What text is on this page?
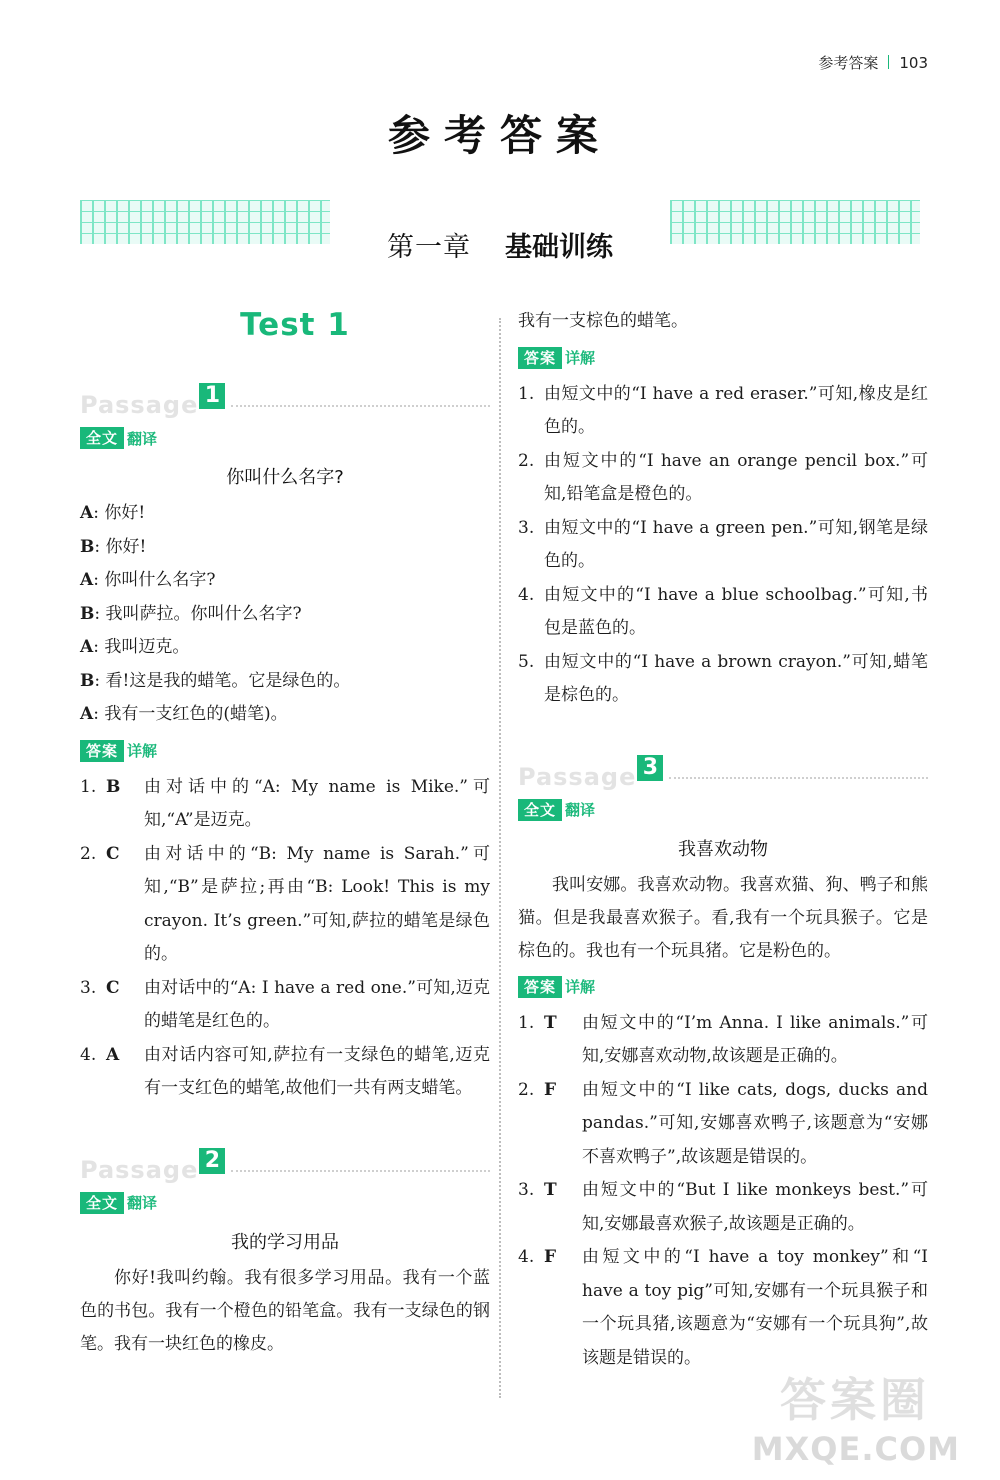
参考答案 103
参考答案
第一章 基础训练
Test 1
Passage 1
全文 翻译
你叫什么名字?
A: 你好!
B: 你好!
A: 你叫什么名字?
B: 我叫萨拉。你叫什么名字?
A: 我叫迈克。
B: 看!这是我的蜡笔。它是绿色的。
A: 我有一支红色的(蜡笔)。
答案 详解
1. B	由对话中的“A: My name is Mike.”可知,“A”是迈克。
2. C	由对话中的“B: My name is Sarah.”可知,“B”是萨拉;再由“B: Look! This is my crayon. It’s green.”可知,萨拉的蜡笔是绿色的。
3. C	由对话中的“A: I have a red one.”可知,迈克的蜡笔是红色的。
4. A	由对话内容可知,萨拉有一支绿色的蜡笔,迈克有一支红色的蜡笔,故他们一共有两支蜡笔。
Passage 2
全文 翻译
我的学习用品
你好!我叫约翰。我有很多学习用品。我有一个蓝色的书包。我有一个橙色的铅笔盒。我有一支绿色的钢笔。我有一块红色的橡皮。
我有一支棕色的蜡笔。
答案 详解
1. 由短文中的“I have a red eraser.”可知,橡皮是红色的。
2. 由短文中的“I have an orange pencil box.”可知,铅笔盒是橙色的。
3. 由短文中的“I have a green pen.”可知,钢笔是绿色的。
4. 由短文中的“I have a blue schoolbag.”可知,书包是蓝色的。
5. 由短文中的“I have a brown crayon.”可知,蜡笔是棕色的。
Passage 3
全文 翻译
我喜欢动物
我叫安娜。我喜欢动物。我喜欢猫、狗、鸭子和熊猫。但是我最喜欢猴子。看,我有一个玩具猴子。它是棕色的。我也有一个玩具猪。它是粉色的。
答案 详解
1. T	由短文中的“I’m Anna. I like animals.”可知,安娜喜欢动物,故该题是正确的。
2. F	由短文中的“I like cats, dogs, ducks and pandas.”可知,安娜喜欢鸭子,该题意为“安娜不喜欢鸭子”,故该题是错误的。
3. T	由短文中的“But I like monkeys best.”可知,安娜最喜欢猴子,故该题是正确的。
4. F	由短文中的“I have a toy monkey”和“I have a toy pig”可知,安娜有一个玩具猴子和一个玩具猪,该题意为“安娜有一个玩具狗”,故该题是错误的。
答案圈
MXQE.COM
